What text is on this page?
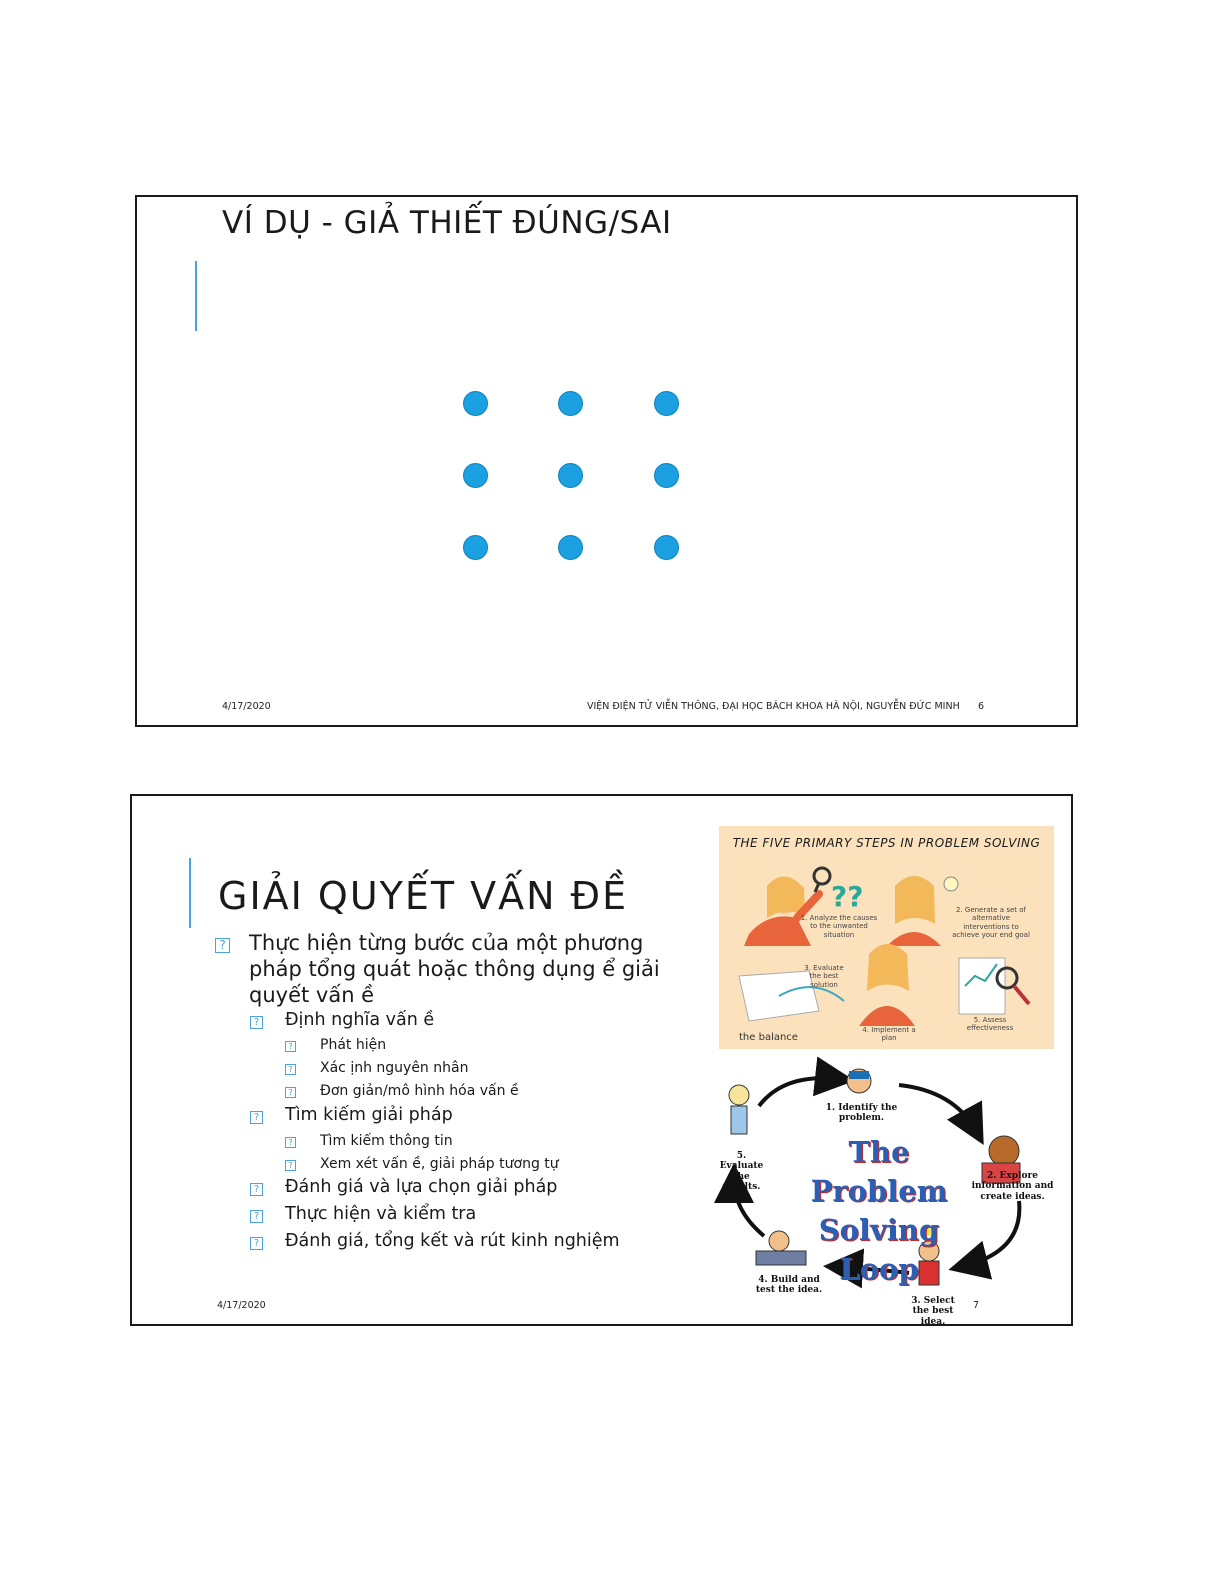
VÍ DỤ - GIẢ THIẾT ĐÚNG/SAI
4/17/2020	VIỆN ĐIỆN TỬ VIỄN THÔNG, ĐẠI HỌC BÁCH KHOA HÀ NỘI, NGUYỄN ĐỨC MINH 6
GIẢI QUYẾT VẤN ĐỀ
? Thực hiện từng bước của một phương
pháp tổng quát hoặc thông dụng ể giải
quyết vấn ề
? Định nghĩa vấn ề
? Phát hiện
? Xác ịnh nguyên nhân
? Đơn giản/mô hình hóa vấn ề
? Tìm kiếm giải pháp
? Tìm kiếm thông tin
? Xem xét vấn ề, giải pháp tương tự
? Đánh giá và lựa chọn giải pháp
? Thực hiện và kiểm tra
? Đánh giá, tổng kết và rút kinh nghiệm
THE FIVE PRIMARY STEPS IN PROBLEM SOLVING
??
1. Analyze the causes to the unwanted situation
2. Generate a set of alternative interventions to achieve your end goal
3. Evaluate the best solution
4. Implement a plan
5. Assess effectiveness
the balance
The Problem
Solving Loop
1. Identify the problem.
2. Explore information and create ideas.
3. Select the best idea.
4. Build and test the idea.
5. Evaluate the results.
4/17/2020	7
